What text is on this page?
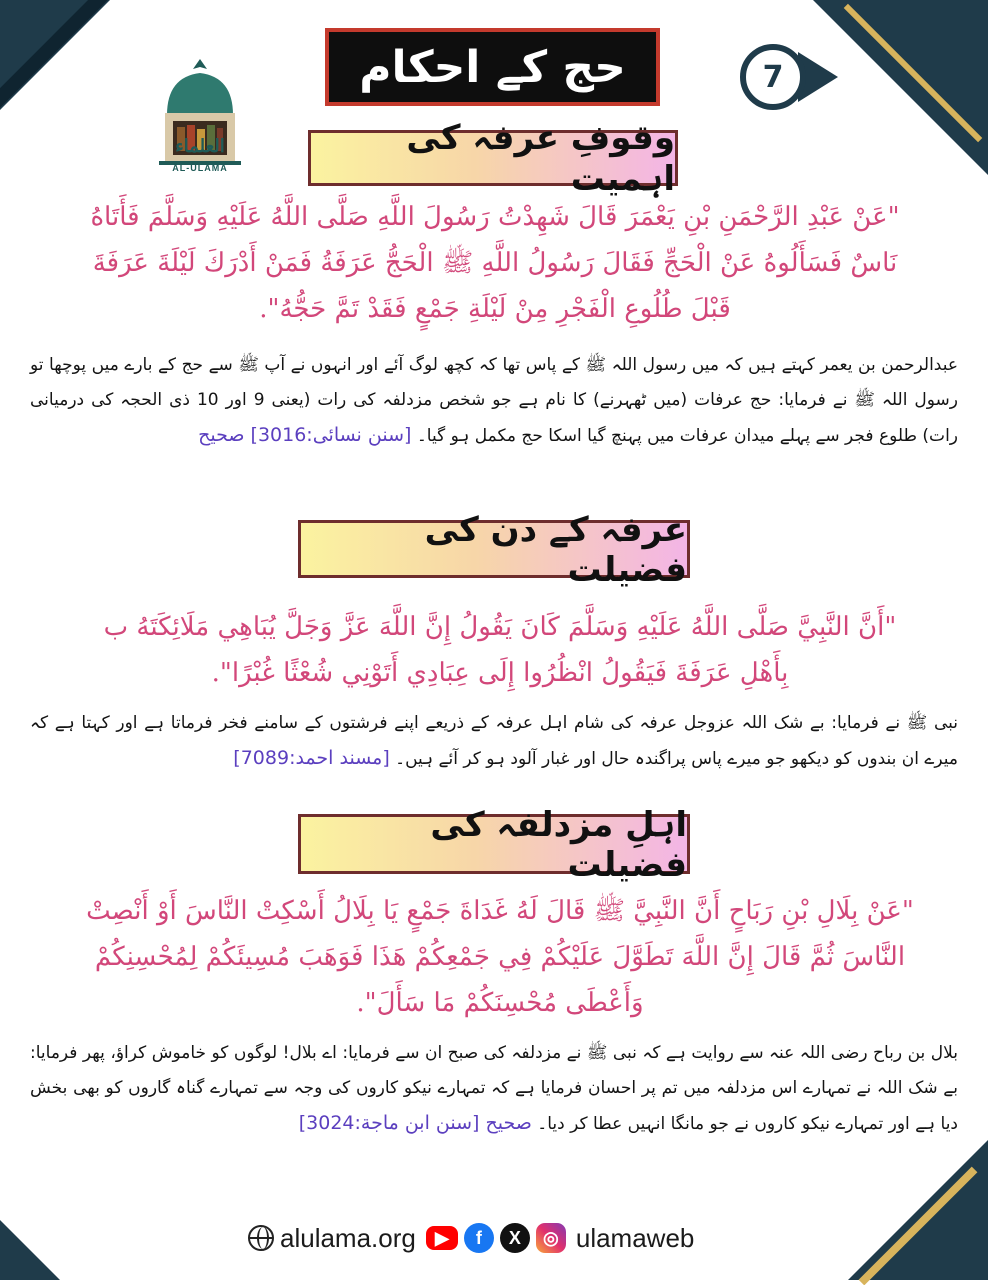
العلماء
AL-ULAMA
حج کے احکام	7
وقوفِ عرفہ کی اہمیت
"عَنْ عَبْدِ الرَّحْمَنِ بْنِ يَعْمَرَ قَالَ شَهِدْتُ رَسُولَ اللَّهِ صَلَّى اللَّهُ عَلَيْهِ وَسَلَّمَ فَأَتَاهُ نَاسٌ فَسَأَلُوهُ عَنْ الْحَجِّ فَقَالَ رَسُولُ اللَّهِ ﷺ الْحَجُّ عَرَفَةُ فَمَنْ أَدْرَكَ لَيْلَةَ عَرَفَةَ قَبْلَ طُلُوعِ الْفَجْرِ مِنْ لَيْلَةِ جَمْعٍ فَقَدْ تَمَّ حَجُّهُ".
عبدالرحمن بن یعمر کہتے ہیں کہ میں رسول اللہ ﷺ کے پاس تھا کہ کچھ لوگ آئے اور انہوں نے آپ ﷺ سے حج کے بارے میں پوچھا تو رسول اللہ ﷺ نے فرمایا: حج عرفات (میں ٹھہرنے) کا نام ہے جو شخص مزدلفہ کی رات (یعنی 9 اور 10 ذی الحجہ کی درمیانی رات) طلوع فجر سے پہلے میدان عرفات میں پہنچ گیا اسکا حج مکمل ہو گیا۔ [سنن نسائی:3016] صحیح
عرفہ کے دن کی فضیلت
"أَنَّ النَّبِيَّ صَلَّى اللَّهُ عَلَيْهِ وَسَلَّمَ كَانَ يَقُولُ إِنَّ اللَّهَ عَزَّ وَجَلَّ يُبَاهِي مَلَائِكَتَهُ ب بِأَهْلِ عَرَفَةَ فَيَقُولُ انْظُرُوا إِلَى عِبَادِي أَتَوْنِي شُعْثًا غُبْرًا".
نبی ﷺ نے فرمایا: بے شک اللہ عزوجل عرفہ کی شام اہل عرفہ کے ذریعے اپنے فرشتوں کے سامنے فخر فرماتا ہے اور کہتا ہے کہ میرے ان بندوں کو دیکھو جو میرے پاس پراگندہ حال اور غبار آلود ہو کر آئے ہیں۔ [مسند احمد:7089]
اہلِ مزدلفہ کی فضیلت
"عَنْ بِلَالِ بْنِ رَبَاحٍ أَنَّ النَّبِيَّ ﷺ قَالَ لَهُ غَدَاةَ جَمْعٍ يَا بِلَالُ أَسْكِتْ النَّاسَ أَوْ أَنْصِتْ النَّاسَ ثُمَّ قَالَ إِنَّ اللَّهَ تَطَوَّلَ عَلَيْكُمْ فِي جَمْعِكُمْ هَذَا فَوَهَبَ مُسِيئَكُمْ لِمُحْسِنِكُمْ وَأَعْطَى مُحْسِنَكُمْ مَا سَأَلَ".
بلال بن رباح رضی اللہ عنہ سے روایت ہے کہ نبی ﷺ نے مزدلفہ کی صبح ان سے فرمایا: اے بلال! لوگوں کو خاموش کراؤ، پھر فرمایا: بے شک اللہ نے تمہارے اس مزدلفہ میں تم پر احسان فرمایا ہے کہ تمہارے نیکو کاروں کی وجہ سے تمہارے گناہ گاروں کو بھی بخش دیا ہے اور تمہارے نیکو کاروں نے جو مانگا انہیں عطا کر دیا۔ صحیح [سنن ابن ماجة:3024]
alulama.org	▶	f	X	◎ ulamaweb
